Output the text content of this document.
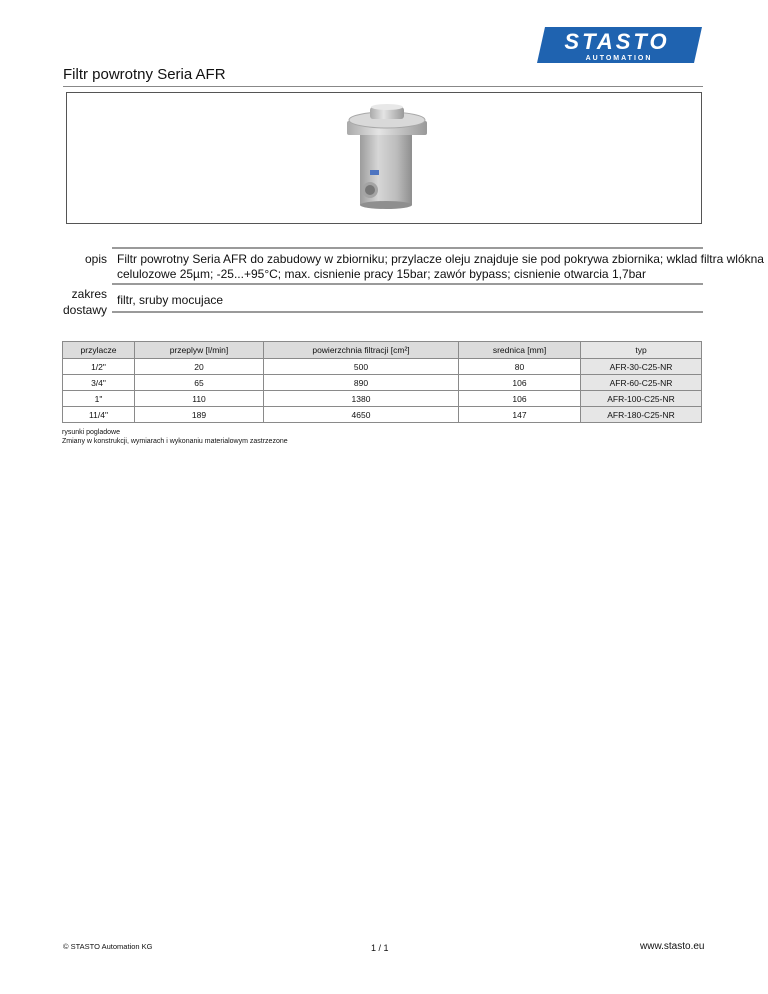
STASTO
AUTOMATION
Filtr powrotny Seria AFR
opis Filtr powrotny Seria AFR do zabudowy w zbiorniku; przylacze oleju znajduje sie pod pokrywa zbiornika; wklad filtra wlókna
celulozowe 25µm; -25...+95°C; max. cisnienie pracy 15bar; zawór bypass; cisnienie otwarcia 1,7bar
zakres
dostawy
filtr, sruby mocujace
przylacze	przeplyw [l/min]	powierzchnia filtracji [cm²]	srednica [mm]	typ
1/2"	20	500	80	AFR-30-C25-NR
3/4"	65	890	106	AFR-60-C25-NR
1"	110	1380	106	AFR-100-C25-NR
11/4"	189	4650	147	AFR-180-C25-NR
rysunki pogladowe
Zmiany w konstrukcji, wymiarach i wykonaniu materialowym zastrzezone
© STASTO Automation KG	1 / 1	www.stasto.eu
